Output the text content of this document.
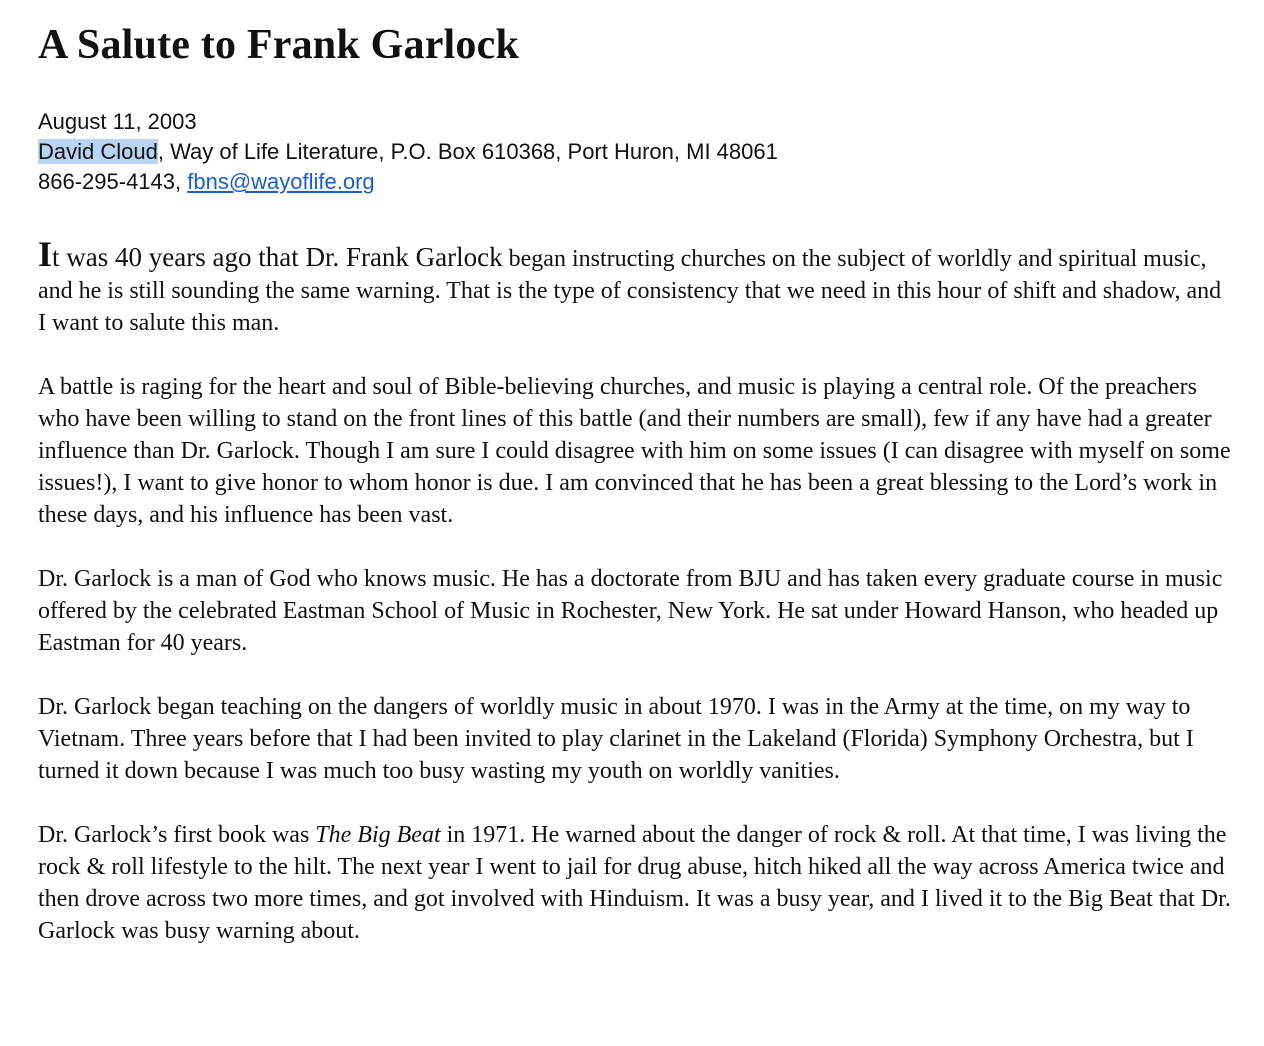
A Salute to Frank Garlock
August 11, 2003
David Cloud, Way of Life Literature, P.O. Box 610368, Port Huron, MI 48061
866-295-4143, fbns@wayoflife.org

It was 40 years ago that Dr. Frank Garlock began instructing churches on the subject of worldly and spiritual music, and he is still sounding the same warning. That is the type of consistency that we need in this hour of shift and shadow, and I want to salute this man.

A battle is raging for the heart and soul of Bible-believing churches, and music is playing a central role. Of the preachers who have been willing to stand on the front lines of this battle (and their numbers are small), few if any have had a greater influence than Dr. Garlock. Though I am sure I could disagree with him on some issues (I can disagree with myself on some issues!), I want to give honor to whom honor is due. I am convinced that he has been a great blessing to the Lord’s work in these days, and his influence has been vast.

Dr. Garlock is a man of God who knows music. He has a doctorate from BJU and has taken every graduate course in music offered by the celebrated Eastman School of Music in Rochester, New York. He sat under Howard Hanson, who headed up Eastman for 40 years.

Dr. Garlock began teaching on the dangers of worldly music in about 1970. I was in the Army at the time, on my way to Vietnam. Three years before that I had been invited to play clarinet in the Lakeland (Florida) Symphony Orchestra, but I turned it down because I was much too busy wasting my youth on worldly vanities.

Dr. Garlock’s first book was The Big Beat in 1971. He warned about the danger of rock & roll. At that time, I was living the rock & roll lifestyle to the hilt. The next year I went to jail for drug abuse, hitch hiked all the way across America twice and then drove across two more times, and got involved with Hinduism. It was a busy year, and I lived it to the Big Beat that Dr. Garlock was busy warning about.
